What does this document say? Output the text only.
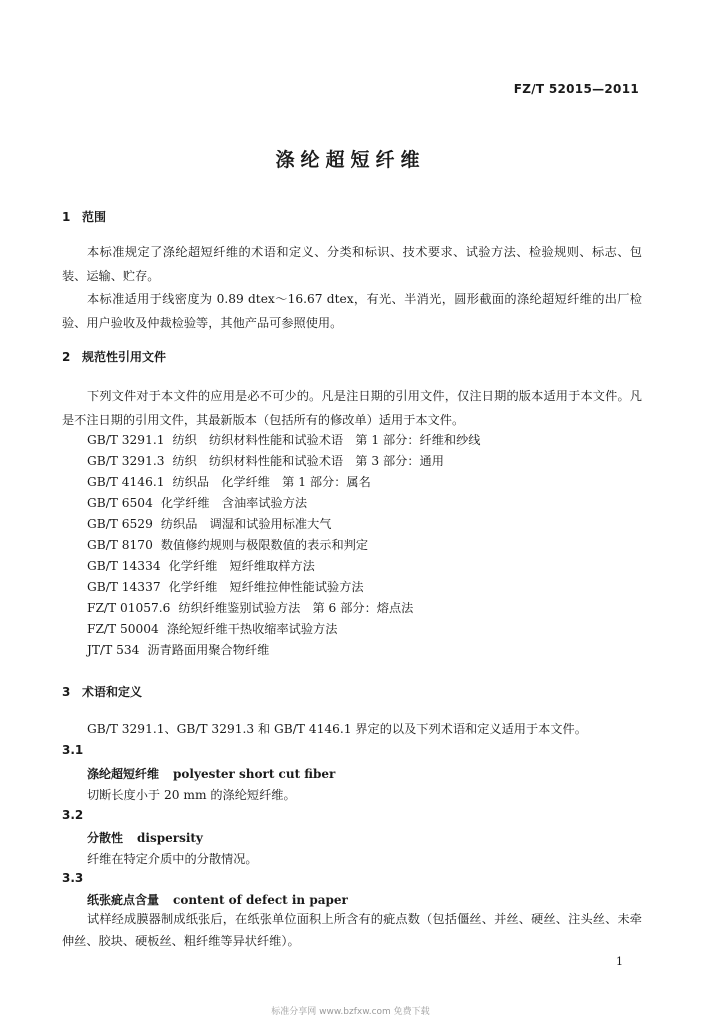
FZ/T 52015—2011
涤纶超短纤维
1 范围
本标准规定了涤纶超短纤维的术语和定义、分类和标识、技术要求、试验方法、检验规则、标志、包装、运输、贮存。
本标准适用于线密度为 0.89 dtex～16.67 dtex，有光、半消光，圆形截面的涤纶超短纤维的出厂检验、用户验收及仲裁检验等，其他产品可参照使用。
2 规范性引用文件
下列文件对于本文件的应用是必不可少的。凡是注日期的引用文件，仅注日期的版本适用于本文件。凡是不注日期的引用文件，其最新版本（包括所有的修改单）适用于本文件。
GB/T 3291.1 纺织　纺织材料性能和试验术语　第 1 部分：纤维和纱线
GB/T 3291.3 纺织　纺织材料性能和试验术语　第 3 部分：通用
GB/T 4146.1 纺织品　化学纤维　第 1 部分：属名
GB/T 6504 化学纤维　含油率试验方法
GB/T 6529 纺织品　调湿和试验用标准大气
GB/T 8170 数值修约规则与极限数值的表示和判定
GB/T 14334 化学纤维　短纤维取样方法
GB/T 14337 化学纤维　短纤维拉伸性能试验方法
FZ/T 01057.6 纺织纤维鉴别试验方法　第 6 部分：熔点法
FZ/T 50004 涤纶短纤维干热收缩率试验方法
JT/T 534 沥青路面用聚合物纤维
3 术语和定义
GB/T 3291.1、GB/T 3291.3 和 GB/T 4146.1 界定的以及下列术语和定义适用于本文件。
3.1
涤纶超短纤维 polyester short cut fiber
切断长度小于 20 mm 的涤纶短纤维。
3.2
分散性 dispersity
纤维在特定介质中的分散情况。
3.3
纸张疵点含量 content of defect in paper
试样经成膜器制成纸张后，在纸张单位面积上所含有的疵点数（包括僵丝、并丝、硬丝、注头丝、未牵伸丝、胶块、硬板丝、粗纤维等异状纤维）。
1
标准分享网 www.bzfxw.com 免费下载
